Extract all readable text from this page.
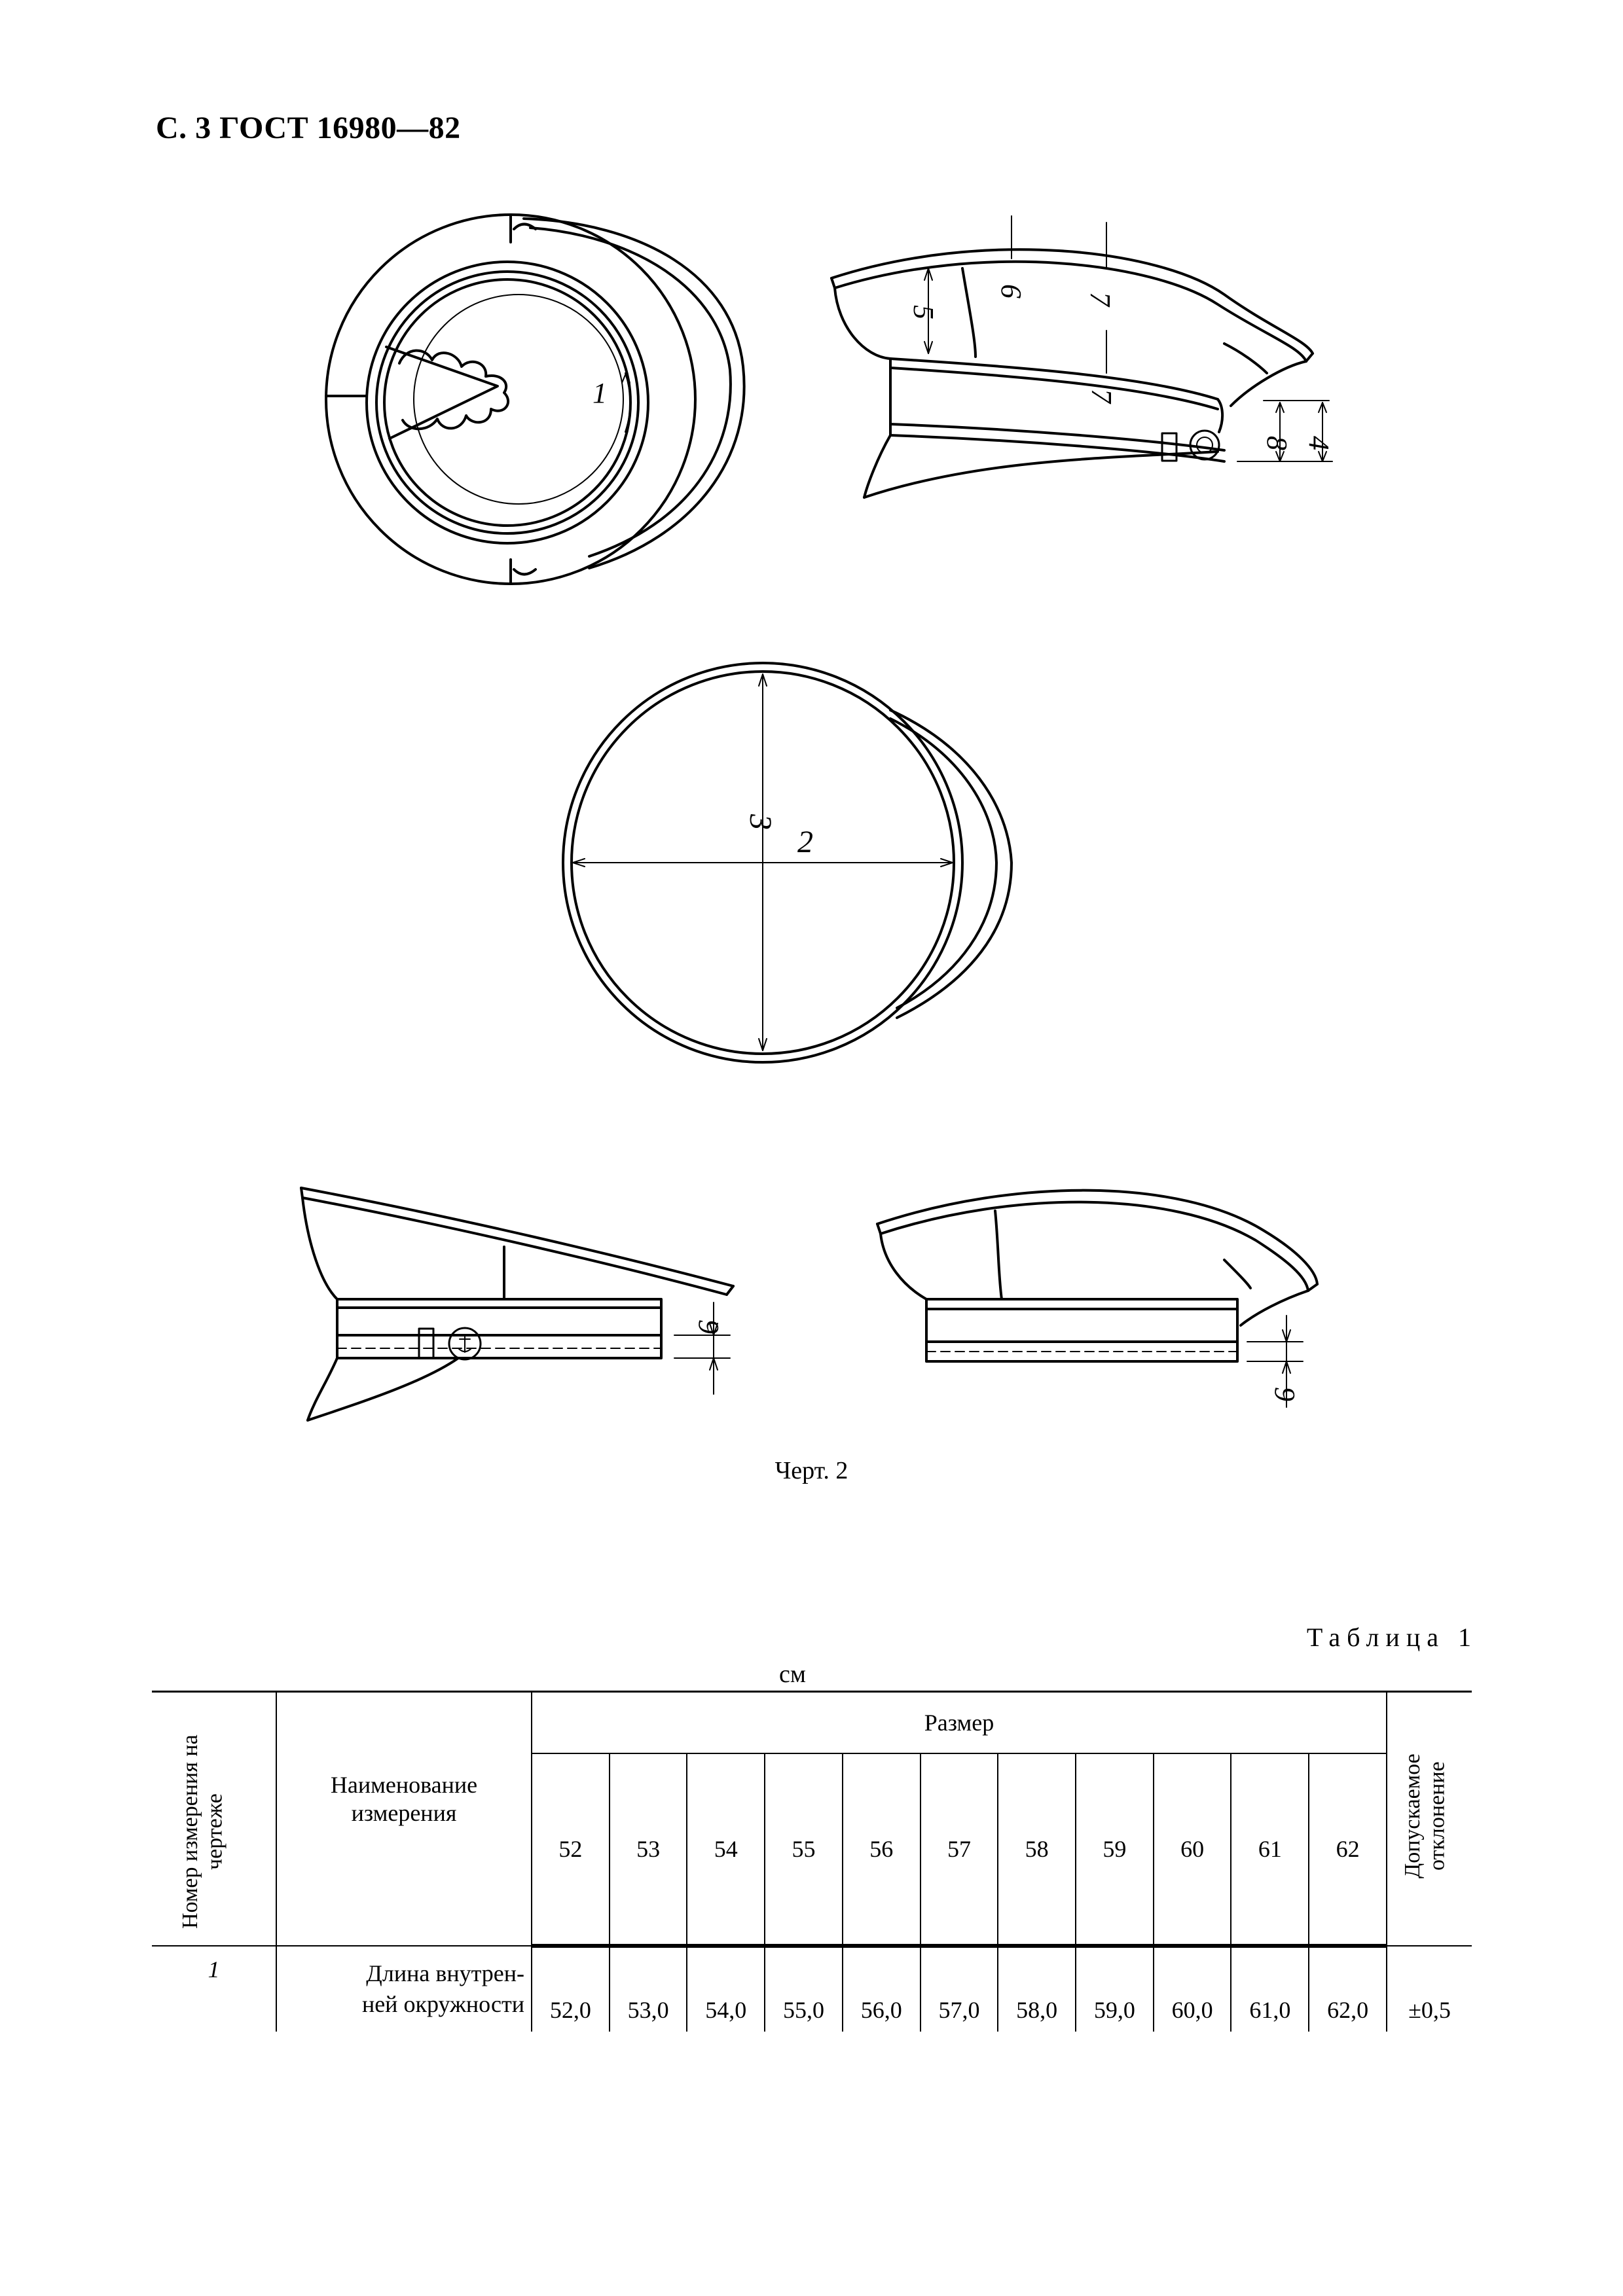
С. 3 ГОСТ 16980—82
1
5
6
7
7
8 4
3
2
9
9
Черт. 2
Таблица 1
см
Номер измерения на чертеже	Наименование измерения	Размер											Допускаемое отклонение
		52	53	54	55	56	57	58	59	60	61	62	
1	Длина внутрен-
ней окружности	52,0	53,0	54,0	55,0	56,0	57,0	58,0	59,0	60,0	61,0	62,0	±0,5
